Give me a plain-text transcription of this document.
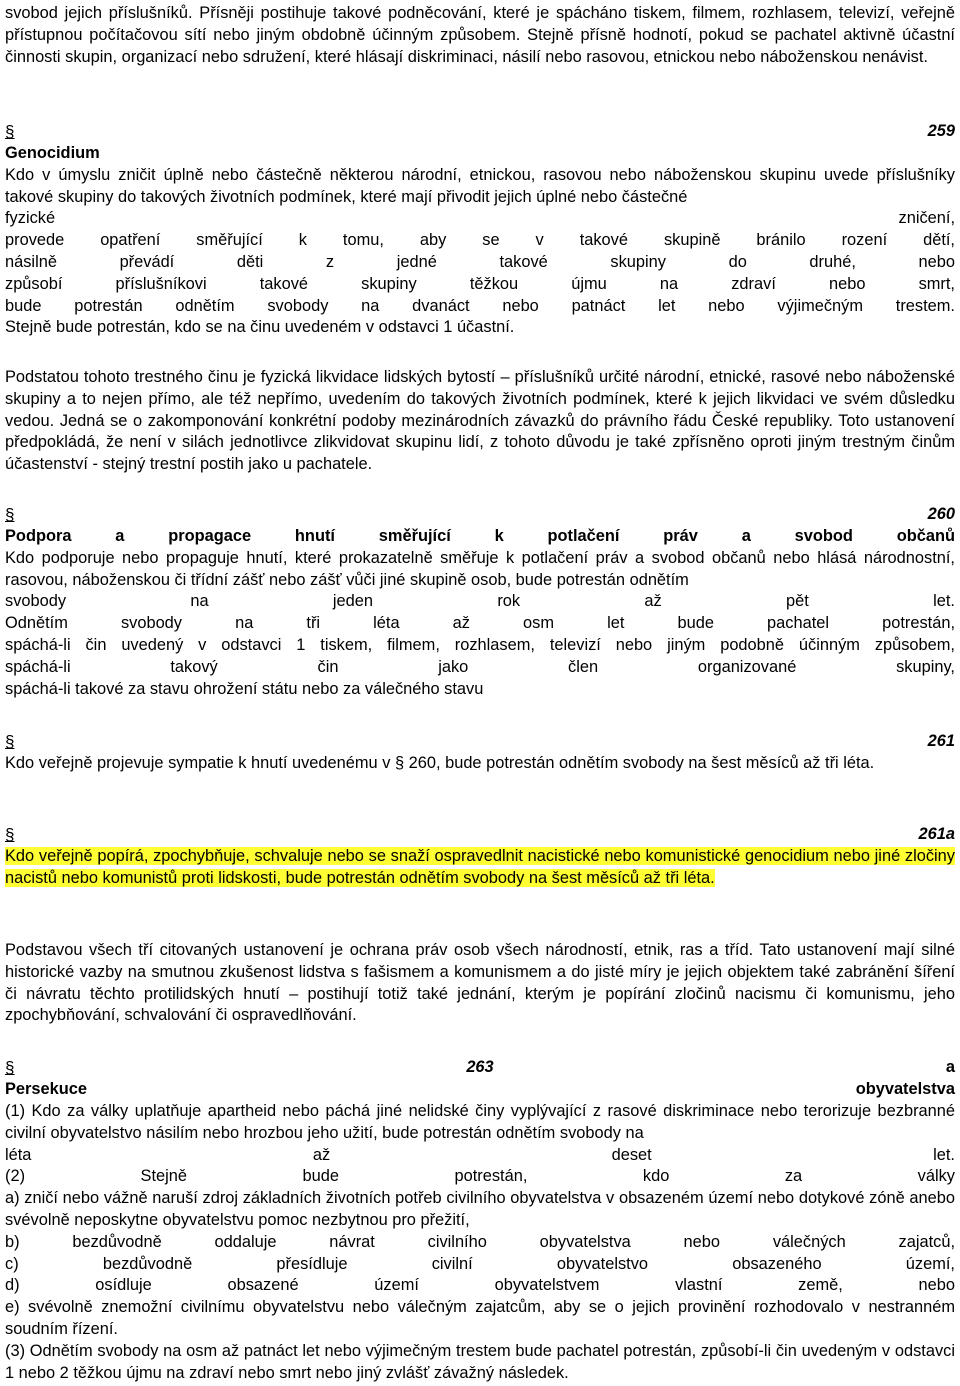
svobod jejich příslušníků. Přísněji postihuje takové podněcování, které je spácháno tiskem, filmem, rozhlasem, televizí, veřejně přístupnou počítačovou sítí nebo jiným obdobně účinným způsobem. Stejně přísně hodnotí, pokud se pachatel aktivně účastní činnosti skupin, organizací nebo sdružení, které hlásají diskriminaci, násilí nebo rasovou, etnickou nebo náboženskou nenávist.

§	259

Genocidium

Kdo v úmyslu zničit úplně nebo částečně některou národní, etnickou, rasovou nebo náboženskou skupinu uvede příslušníky takové skupiny do takových životních podmínek, které mají přivodit jejich úplné nebo částečné

fyzické zničení,

provede opatření směřující k tomu, aby se v takové skupině bránilo rození dětí,

násilně převádí děti z jedné takové skupiny do druhé, nebo

způsobí příslušníkovi takové skupiny těžkou újmu na zdraví nebo smrt,

bude potrestán odnětím svobody na dvanáct nebo patnáct let nebo výjimečným trestem.

Stejně bude potrestán, kdo se na činu uvedeném v odstavci 1 účastní.

Podstatou tohoto trestného činu je fyzická likvidace lidských bytostí – příslušníků určité národní, etnické, rasové nebo náboženské skupiny a to nejen přímo, ale též nepřímo, uvedením do takových životních podmínek, které k jejich likvidaci ve svém důsledku vedou. Jedná se o zakomponování konkrétní podoby mezinárodních závazků do právního řádu České republiky. Toto ustanovení předpokládá, že není v silách jednotlivce zlikvidovat skupinu lidí, z tohoto důvodu je také zpřísněno oproti jiným trestným činům účastenství - stejný trestní postih jako u pachatele.

§	260

Podpora a propagace hnutí směřující k potlačení práv a svobod občanů

Kdo podporuje nebo propaguje hnutí, které prokazatelně směřuje k potlačení práv a svobod občanů nebo hlásá národnostní, rasovou, náboženskou či třídní zášť nebo zášť vůči jiné skupině osob, bude potrestán odnětím

svobody na jeden rok až pět let.

Odnětím svobody na tři léta až osm let bude pachatel potrestán,

spáchá-li čin uvedený v odstavci 1 tiskem, filmem, rozhlasem, televizí nebo jiným podobně účinným způsobem,

spáchá-li takový čin jako člen organizované skupiny,

spáchá-li takové za stavu ohrožení státu nebo za válečného stavu

§	261

Kdo veřejně projevuje sympatie k hnutí uvedenému v § 260, bude potrestán odnětím svobody na šest měsíců až tři léta.

§	261a

Kdo veřejně popírá, zpochybňuje, schvaluje nebo se snaží ospravedlnit nacistické nebo komunistické genocidium nebo jiné zločiny nacistů nebo komunistů proti lidskosti, bude potrestán odnětím svobody na šest měsíců až tři léta.

Podstavou všech tří citovaných ustanovení je ochrana práv osob všech národností, etnik, ras a tříd. Tato ustanovení mají silné historické vazby na smutnou zkušenost lidstva s fašismem a komunismem a do jisté míry je jejich objektem také zabránění šíření či návratu těchto protilidských hnutí – postihují totiž také jednání, kterým je popírání zločinů nacismu či komunismu, jeho zpochybňování, schvalování či ospravedlňování.

§	263	a
Persekuce	obyvatelstva

(1) Kdo za války uplatňuje apartheid nebo páchá jiné nelidské činy vyplývající z rasové diskriminace nebo terorizuje bezbranné civilní obyvatelstvo násilím nebo hrozbou jeho užití, bude potrestán odnětím svobody na

léta až deset let.

(2) Stejně bude potrestán, kdo za války

a) zničí nebo vážně naruší zdroj základních životních potřeb civilního obyvatelstva v obsazeném území nebo dotykové zóně anebo svévolně neposkytne obyvatelstvu pomoc nezbytnou pro přežití,

b) bezdůvodně oddaluje návrat civilního obyvatelstva nebo válečných zajatců,

c) bezdůvodně přesídluje civilní obyvatelstvo obsazeného území,

d) osídluje obsazené území obyvatelstvem vlastní země, nebo

e) svévolně znemožní civilnímu obyvatelstvu nebo válečným zajatcům, aby se o jejich provinění rozhodovalo v nestranném soudním řízení.

(3) Odnětím svobody na osm až patnáct let nebo výjimečným trestem bude pachatel potrestán, způsobí-li čin uvedeným v odstavci 1 nebo 2 těžkou újmu na zdraví nebo smrt nebo jiný zvlášť závažný následek.
